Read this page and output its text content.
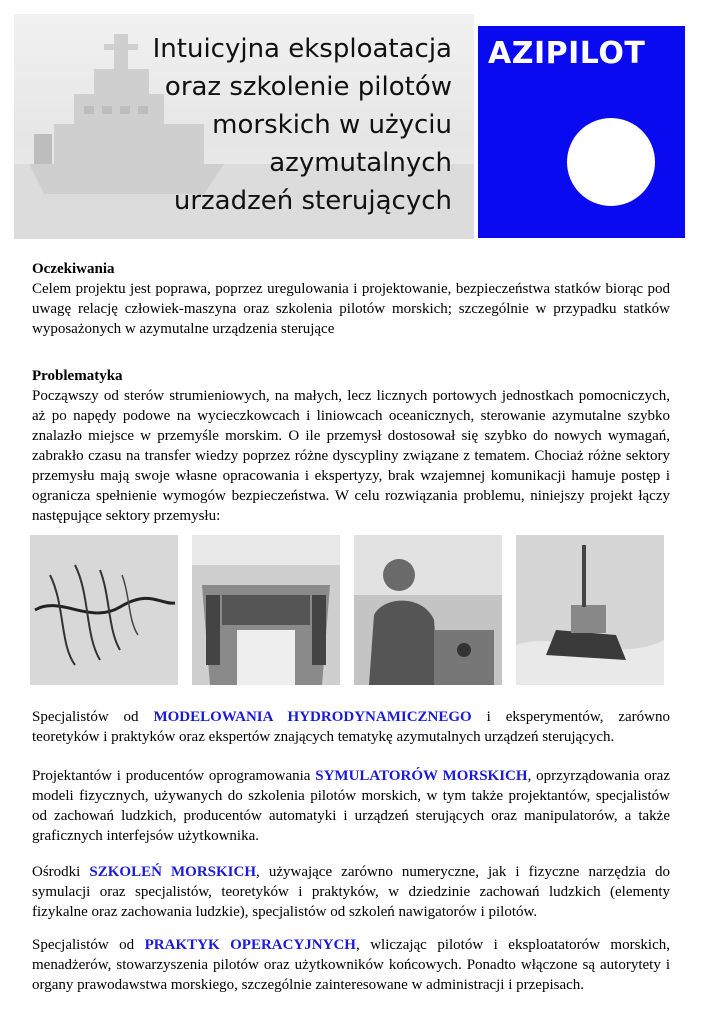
Intuicyjna eksploatacja
oraz szkolenie pilotów
morskich w użyciu
azymutalnych
urzadzeń sterujących
AZIPILOT
Oczekiwania

Celem projektu jest poprawa, poprzez uregulowania i projektowanie, bezpieczeństwa statków biorąc pod uwagę relację człowiek-maszyna oraz szkolenia pilotów morskich; szczególnie w przypadku statków wyposażonych w azymutalne urządzenia sterujące

Problematyka

Począwszy od sterów strumieniowych, na małych, lecz licznych portowych jednostkach pomocniczych, aż po napędy podowe na wycieczkowcach i liniowcach oceanicznych, sterowanie azymutalne szybko znalazło miejsce w przemyśle morskim. O ile przemysł dostosował się szybko do nowych wymagań, zabrakło czasu na transfer wiedzy poprzez różne dyscypliny związane z tematem. Chociaż różne sektory przemysłu mają swoje własne opracowania i ekspertyzy, brak wzajemnej komunikacji hamuje postęp i ogranicza spełnienie wymogów bezpieczeństwa. W celu rozwiązania problemu, niniejszy projekt łączy następujące sektory przemysłu:

Specjalistów od MODELOWANIA HYDRODYNAMICZNEGO i eksperymentów, zarówno teoretyków i praktyków oraz ekspertów znających tematykę azymutalnych urządzeń sterujących.
Projektantów i producentów oprogramowania SYMULATORÓW MORSKICH, oprzyrządowania oraz modeli fizycznych, używanych do szkolenia pilotów morskich, w tym także projektantów, specjalistów od zachowań ludzkich, producentów automatyki i urządzeń sterujących oraz manipulatorów, a także graficznych interfejsów użytkownika.
Ośrodki SZKOLEŃ MORSKICH, używające zarówno numeryczne, jak i fizyczne narzędzia do symulacji oraz specjalistów, teoretyków i praktyków, w dziedzinie zachowań ludzkich (elementy fizykalne oraz zachowania ludzkie), specjalistów od szkoleń nawigatorów i pilotów.
Specjalistów od PRAKTYK OPERACYJNYCH, wliczając pilotów i eksploatatorów morskich, menadżerów, stowarzyszenia pilotów oraz użytkowników końcowych. Ponadto włączone są autorytety i organy prawodawstwa morskiego, szczególnie zainteresowane w administracji i przepisach.
